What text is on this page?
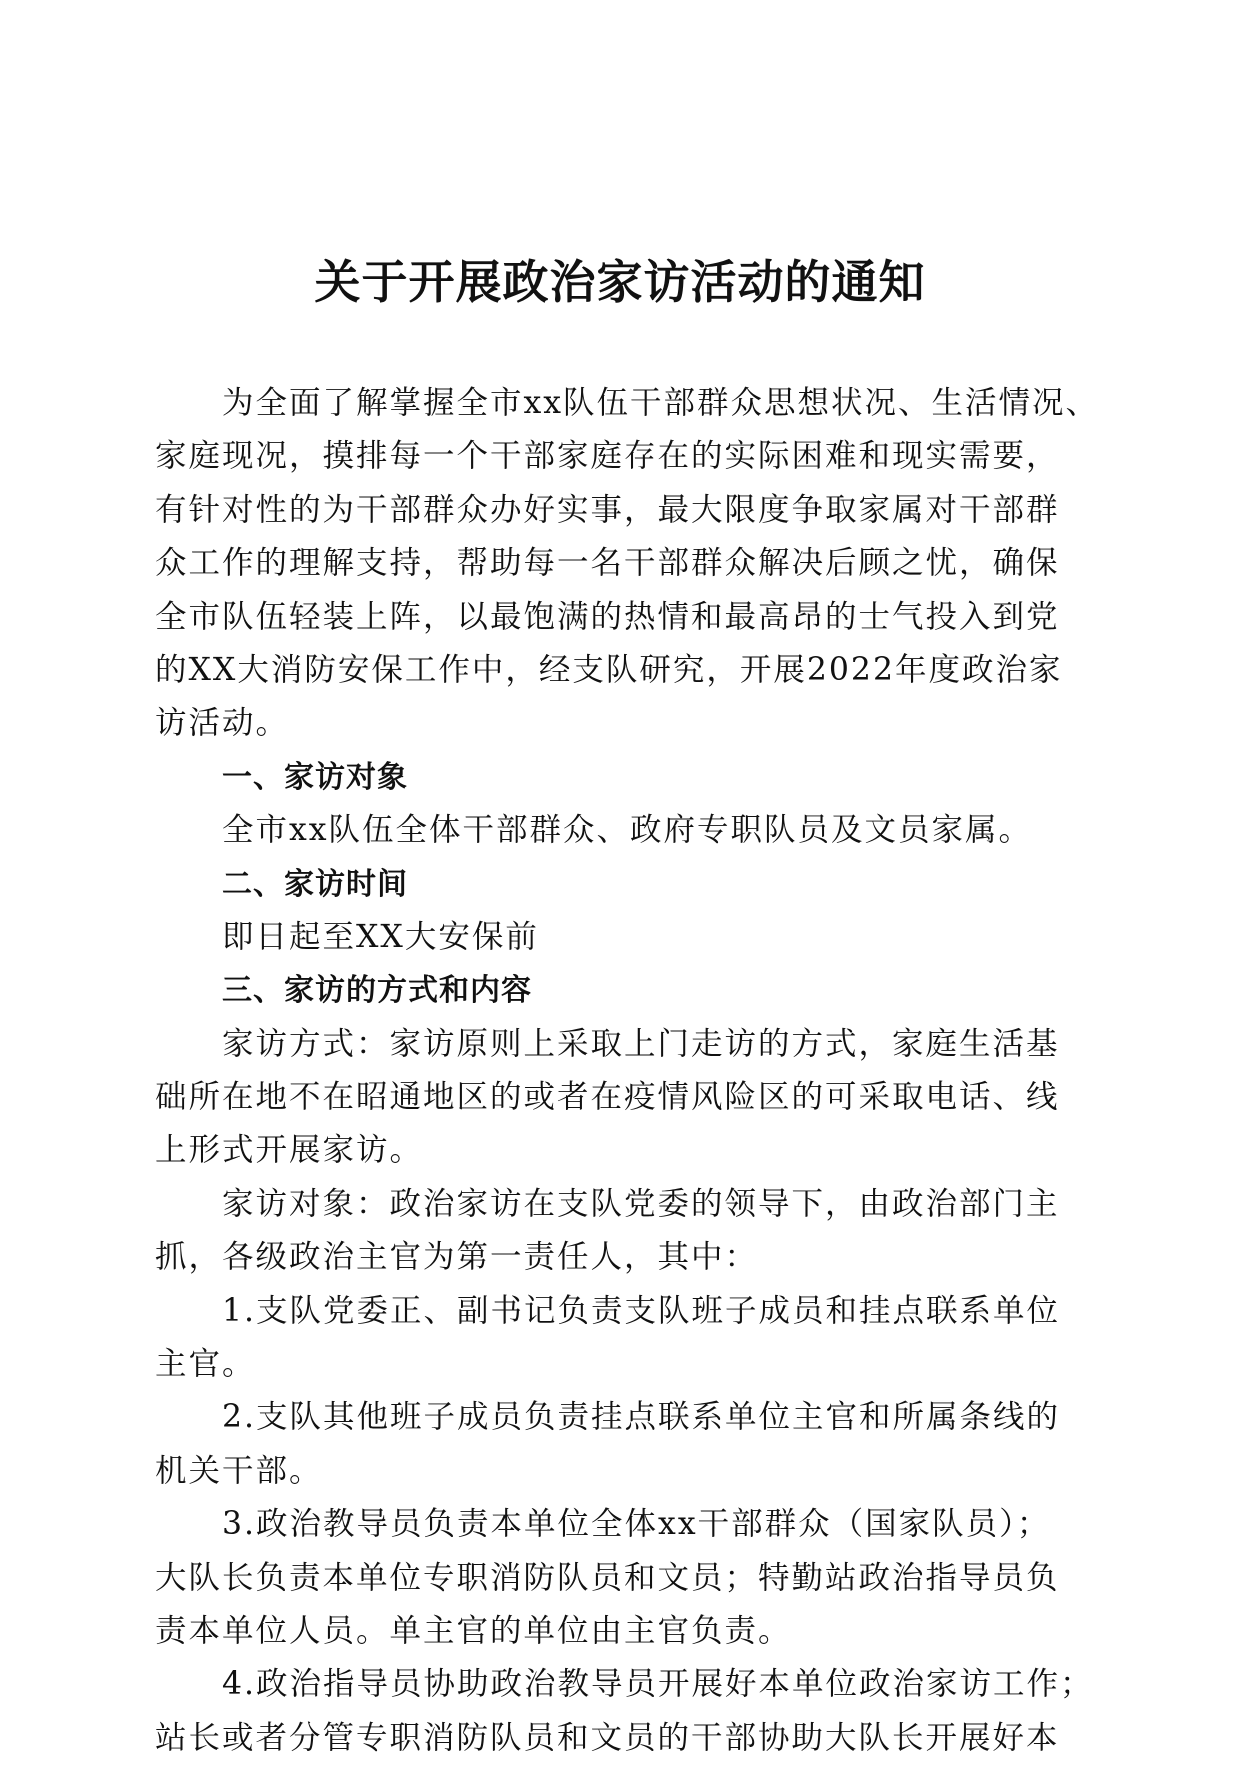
关于开展政治家访活动的通知
为全面了解掌握全市xx队伍干部群众思想状况、生活情况、
家庭现况，摸排每一个干部家庭存在的实际困难和现实需要，
有针对性的为干部群众办好实事，最大限度争取家属对干部群
众工作的理解支持，帮助每一名干部群众解决后顾之忧，确保
全市队伍轻装上阵，以最饱满的热情和最高昂的士气投入到党
的XX大消防安保工作中，经支队研究，开展2022年度政治家
访活动。
一、家访对象
全市xx队伍全体干部群众、政府专职队员及文员家属。
二、家访时间
即日起至XX大安保前
三、家访的方式和内容
家访方式：家访原则上采取上门走访的方式，家庭生活基
础所在地不在昭通地区的或者在疫情风险区的可采取电话、线
上形式开展家访。
家访对象：政治家访在支队党委的领导下，由政治部门主
抓，各级政治主官为第一责任人，其中：
1.支队党委正、副书记负责支队班子成员和挂点联系单位
主官。
2.支队其他班子成员负责挂点联系单位主官和所属条线的
机关干部。
3.政治教导员负责本单位全体xx干部群众（国家队员）；
大队长负责本单位专职消防队员和文员；特勤站政治指导员负
责本单位人员。单主官的单位由主官负责。
4.政治指导员协助政治教导员开展好本单位政治家访工作；
站长或者分管专职消防队员和文员的干部协助大队长开展好本
